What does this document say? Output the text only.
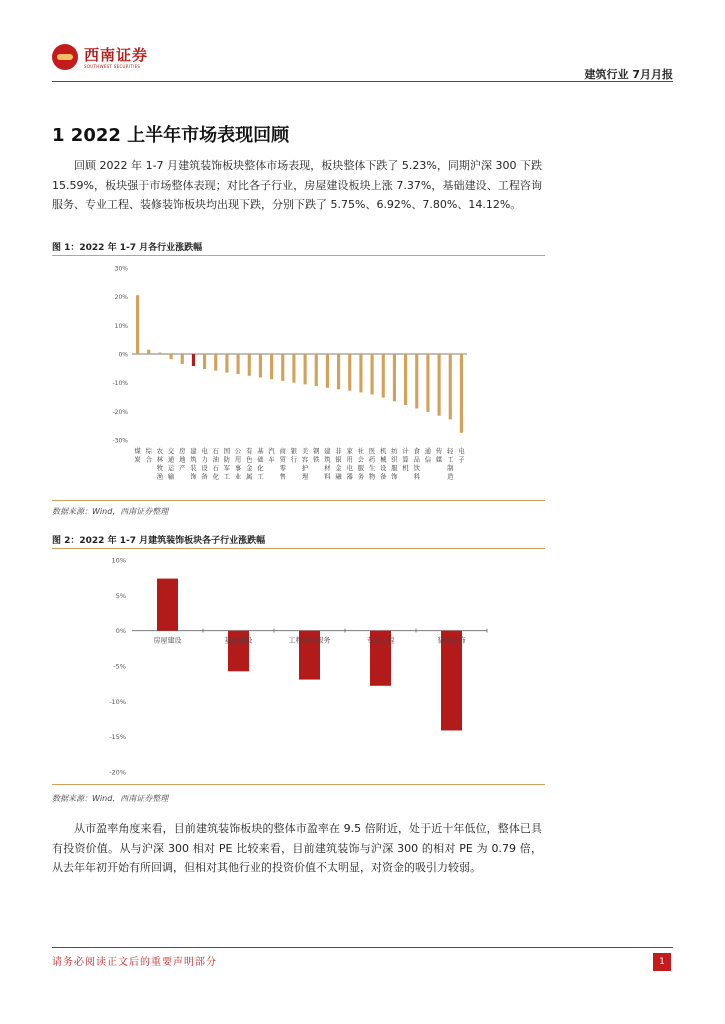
西南证券
SOUTHWEST SECURITIES
建筑行业 7月月报
1 2022 上半年市场表现回顾

回顾 2022 年 1-7 月建筑装饰板块整体市场表现，板块整体下跌了 5.23%，同期沪深 300 下跌 15.59%，板块强于市场整体表现；对比各子行业，房屋建设板块上涨 7.37%，基础建设、工程咨询服务、专业工程、装修装饰板块均出现下跌，分别下跌了 5.75%、6.92%、7.80%、14.12%。

图 1：2022 年 1-7 月各行业涨跌幅
30%
20%
10%
0%
-10%
-20%
-30%
煤炭
综合
农林牧渔
交通运输
房地产
建筑装饰
电力设备
石油石化
国防军工
公用事业
有色金属
基础化工
汽车
商贸零售
银行
美容护理
钢铁
建筑材料
非银金融
家用电器
社会服务
医药生物
机械设备
纺织服饰
计算机
食品饮料
通信
传媒
轻工制造
电子
数据来源：Wind，西南证券整理
图 2：2022 年 1-7 月建筑装饰板块各子行业涨跌幅
10%
5%
0%
-5%
-10%
-15%
-20%
房屋建设	基础建设	工程咨询服务	专业工程	装修装饰
数据来源：Wind，西南证券整理

从市盈率角度来看，目前建筑装饰板块的整体市盈率在 9.5 倍附近，处于近十年低位，整体已具有投资价值。从与沪深 300 相对 PE 比较来看，目前建筑装饰与沪深 300 的相对 PE 为 0.79 倍，从去年年初开始有所回调，但相对其他行业的投资价值不太明显，对资金的吸引力较弱。

请务必阅读正文后的重要声明部分	1
